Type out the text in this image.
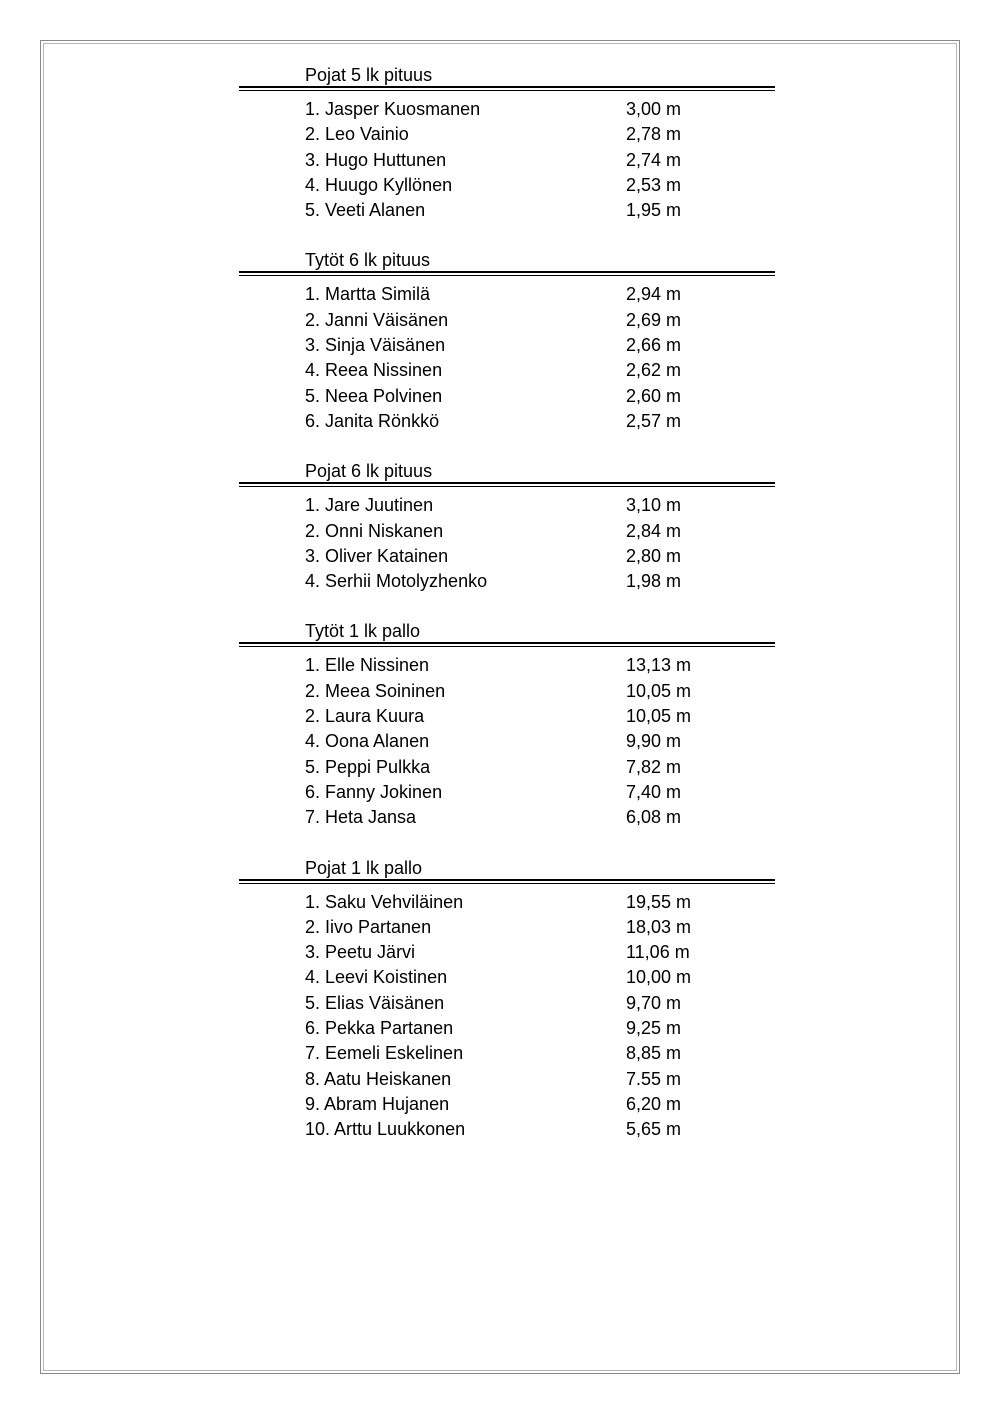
Pojat 5 lk pituus
1. Jasper Kuosmanen	3,00 m
2. Leo Vainio	2,78 m
3. Hugo Huttunen	2,74 m
4. Huugo Kyllönen	2,53 m
5. Veeti Alanen	1,95 m
Tytöt 6 lk pituus
1. Martta Similä	2,94 m
2. Janni Väisänen	2,69 m
3. Sinja Väisänen	2,66 m
4. Reea Nissinen	2,62 m
5. Neea Polvinen	2,60 m
6. Janita Rönkkö	2,57 m
Pojat 6 lk pituus
1. Jare Juutinen	3,10 m
2. Onni Niskanen	2,84 m
3. Oliver Katainen	2,80 m
4. Serhii Motolyzhenko	1,98 m
Tytöt 1 lk pallo
1. Elle Nissinen	13,13 m
2. Meea Soininen	10,05 m
2. Laura Kuura	10,05 m
4. Oona Alanen	9,90 m
5. Peppi Pulkka	7,82 m
6. Fanny Jokinen	7,40 m
7. Heta Jansa	6,08 m
Pojat 1 lk pallo
1. Saku Vehviläinen	19,55 m
2. Iivo Partanen	18,03 m
3. Peetu Järvi	11,06 m
4. Leevi Koistinen	10,00 m
5. Elias Väisänen	9,70 m
6. Pekka Partanen	9,25 m
7. Eemeli Eskelinen	8,85 m
8. Aatu Heiskanen	7.55 m
9. Abram Hujanen	6,20 m
10. Arttu Luukkonen	5,65 m
